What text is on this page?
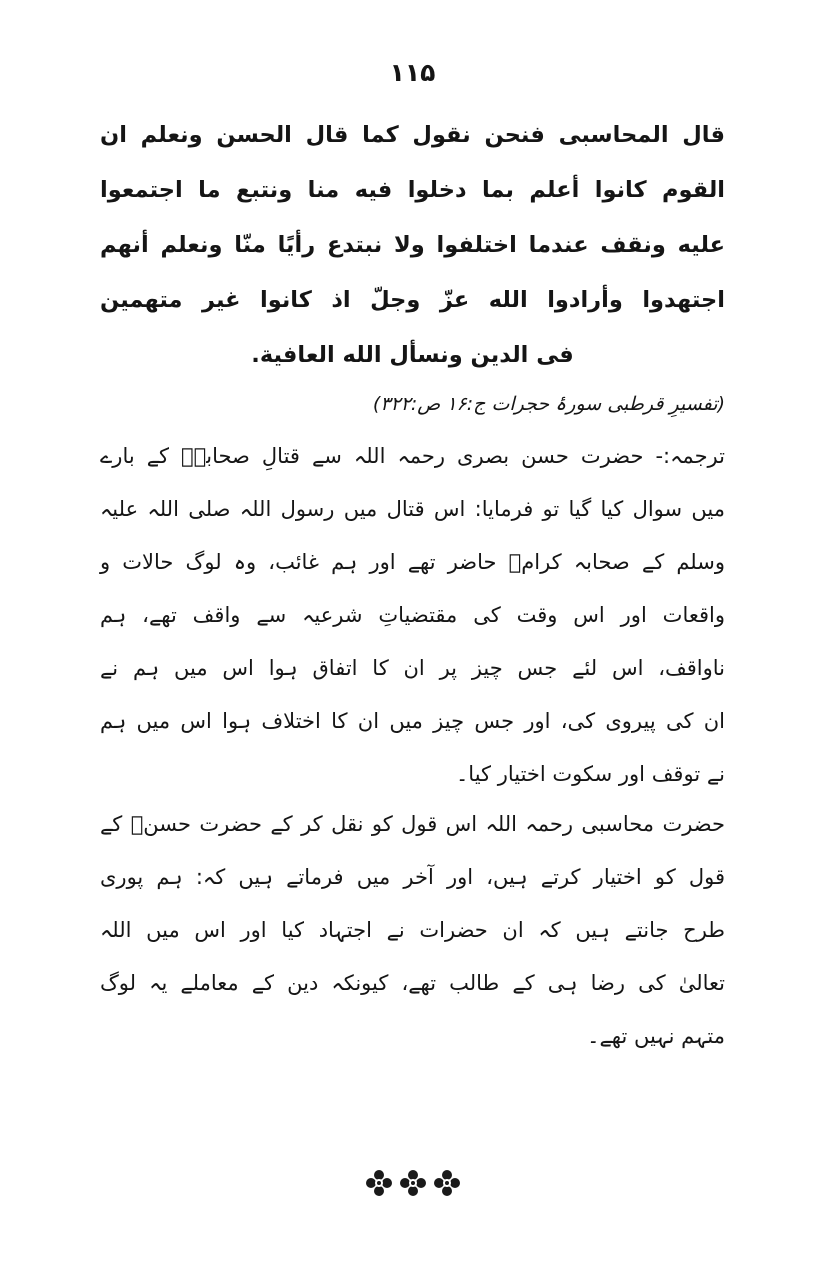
۱۱۵
قال المحاسبی فنحن نقول کما قال الحسن ونعلم ان
القوم کانوا أعلم بما دخلوا فیه منا ونتبع ما اجتمعوا
علیه ونقف عندما اختلفوا ولا نبتدع رأیًا منّا ونعلم أنهم
اجتهدوا وأرادوا الله عزّ وجلّ اذ کانوا غیر متهمین
فی الدین ونسأل الله العافیة.
(تفسیرِ قرطبی سورۂ حجرات ج:۱۶ ص:۳۲۲)
ترجمہ:- حضرت حسن بصری رحمہ اللہ سے قتالِ صحابہؓ کے بارے
میں سوال کیا گیا تو فرمایا: اس قتال میں رسول اللہ صلی اللہ علیہ
وسلم کے صحابہ کرامؓ حاضر تھے اور ہم غائب، وہ لوگ حالات و
واقعات اور اس وقت کی مقتضیاتِ شرعیہ سے واقف تھے، ہم
ناواقف، اس لئے جس چیز پر ان کا اتفاق ہوا اس میں ہم نے
ان کی پیروی کی، اور جس چیز میں ان کا اختلاف ہوا اس میں ہم
نے توقف اور سکوت اختیار کیا۔
حضرت محاسبی رحمہ اللہ اس قول کو نقل کر کے حضرت حسنؒ کے
قول کو اختیار کرتے ہیں، اور آخر میں فرماتے ہیں کہ: ہم پوری
طرح جانتے ہیں کہ ان حضرات نے اجتہاد کیا اور اس میں اللہ
تعالیٰ کی رضا ہی کے طالب تھے، کیونکہ دین کے معاملے یہ لوگ
متہم نہیں تھے۔
